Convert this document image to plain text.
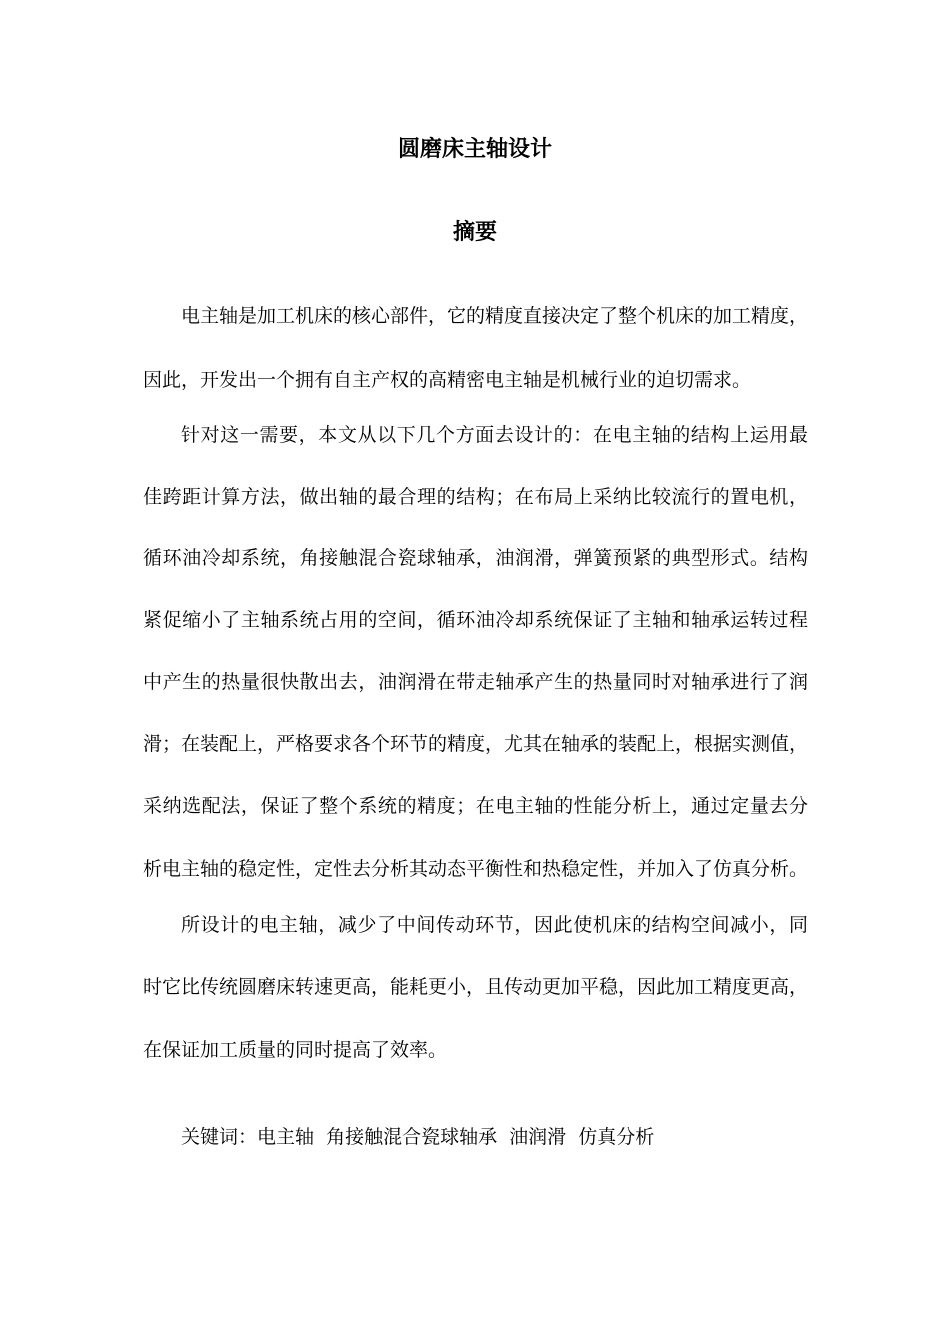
圆磨床主轴设计
摘要

电主轴是加工机床的核心部件，它的精度直接决定了整个机床的加工精度，

因此，开发出一个拥有自主产权的高精密电主轴是机械行业的迫切需求。

针对这一需要，本文从以下几个方面去设计的：在电主轴的结构上运用最

佳跨距计算方法，做出轴的最合理的结构；在布局上采纳比较流行的置电机，

循环油冷却系统，角接触混合瓷球轴承，油润滑，弹簧预紧的典型形式。结构

紧促缩小了主轴系统占用的空间，循环油冷却系统保证了主轴和轴承运转过程

中产生的热量很快散出去，油润滑在带走轴承产生的热量同时对轴承进行了润

滑；在装配上，严格要求各个环节的精度，尤其在轴承的装配上，根据实测值，

采纳选配法，保证了整个系统的精度；在电主轴的性能分析上，通过定量去分

析电主轴的稳定性，定性去分析其动态平衡性和热稳定性，并加入了仿真分析。

所设计的电主轴，减少了中间传动环节，因此使机床的结构空间减小，同

时它比传统圆磨床转速更高，能耗更小，且传动更加平稳，因此加工精度更高，

在保证加工质量的同时提高了效率。

关键词：电主轴  角接触混合瓷球轴承  油润滑  仿真分析
